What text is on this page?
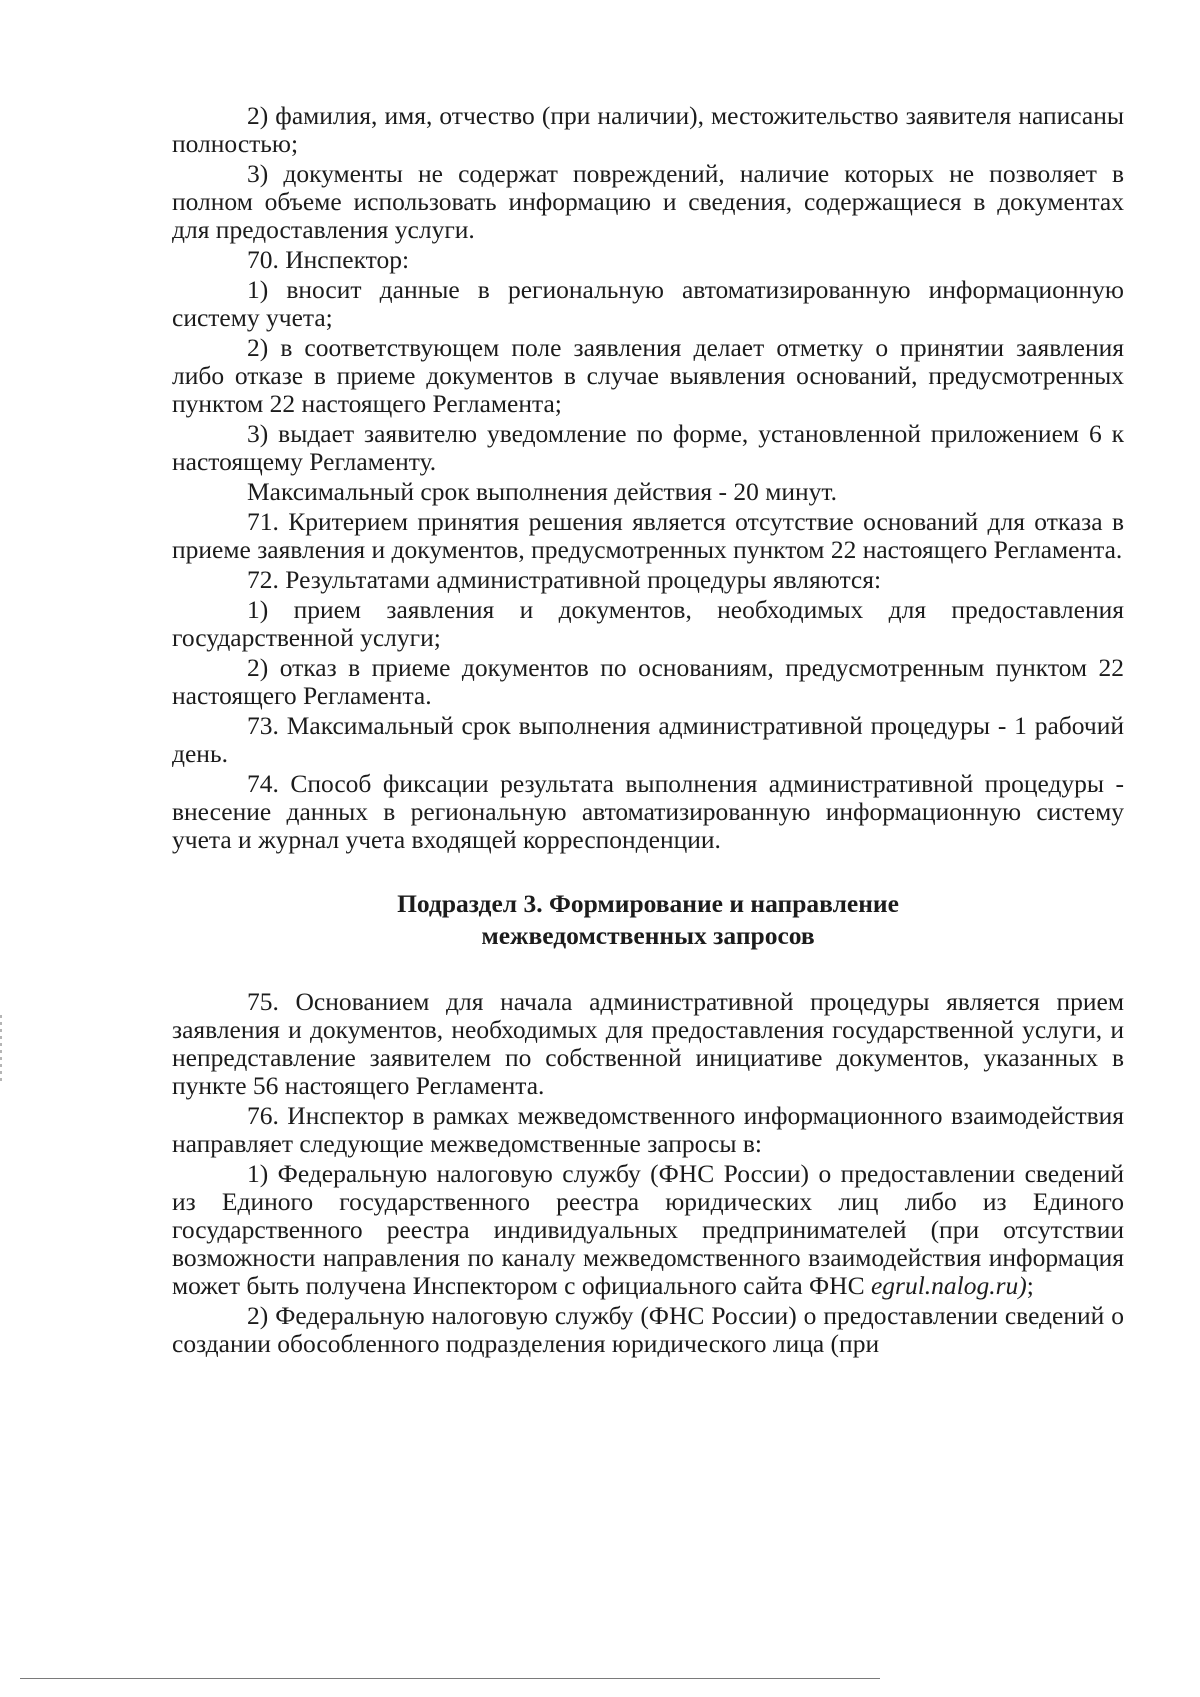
2) фамилия, имя, отчество (при наличии), местожительство заявителя написаны полностью;

3) документы не содержат повреждений, наличие которых не позволяет в полном объеме использовать информацию и сведения, содержащиеся в документах для предоставления услуги.

70. Инспектор:

1) вносит данные в региональную автоматизированную информационную систему учета;

2) в соответствующем поле заявления делает отметку о принятии заявления либо отказе в приеме документов в случае выявления оснований, предусмотренных пунктом 22 настоящего Регламента;

3) выдает заявителю уведомление по форме, установленной приложением 6 к настоящему Регламенту.

Максимальный срок выполнения действия - 20 минут.

71. Критерием принятия решения является отсутствие оснований для отказа в приеме заявления и документов, предусмотренных пунктом 22 настоящего Регламента.

72. Результатами административной процедуры являются:

1) прием заявления и документов, необходимых для предоставления государственной услуги;

2) отказ в приеме документов по основаниям, предусмотренным пунктом 22 настоящего Регламента.

73. Максимальный срок выполнения административной процедуры - 1 рабочий день.

74. Способ фиксации результата выполнения административной процедуры - внесение данных в региональную автоматизированную информационную систему учета и журнал учета входящей корреспонденции.

Подраздел 3. Формирование и направление
межведомственных запросов

75. Основанием для начала административной процедуры является прием заявления и документов, необходимых для предоставления государственной услуги, и непредставление заявителем по собственной инициативе документов, указанных в пункте 56 настоящего Регламента.

76. Инспектор в рамках межведомственного информационного взаимодействия направляет следующие межведомственные запросы в:

1) Федеральную налоговую службу (ФНС России) о предоставлении сведений из Единого государственного реестра юридических лиц либо из Единого государственного реестра индивидуальных предпринимателей (при отсутствии возможности направления по каналу межведомственного взаимодействия информация может быть получена Инспектором с официального сайта ФНС egrul.nalog.ru);

2) Федеральную налоговую службу (ФНС России) о предоставлении сведений о создании обособленного подразделения юридического лица (при
